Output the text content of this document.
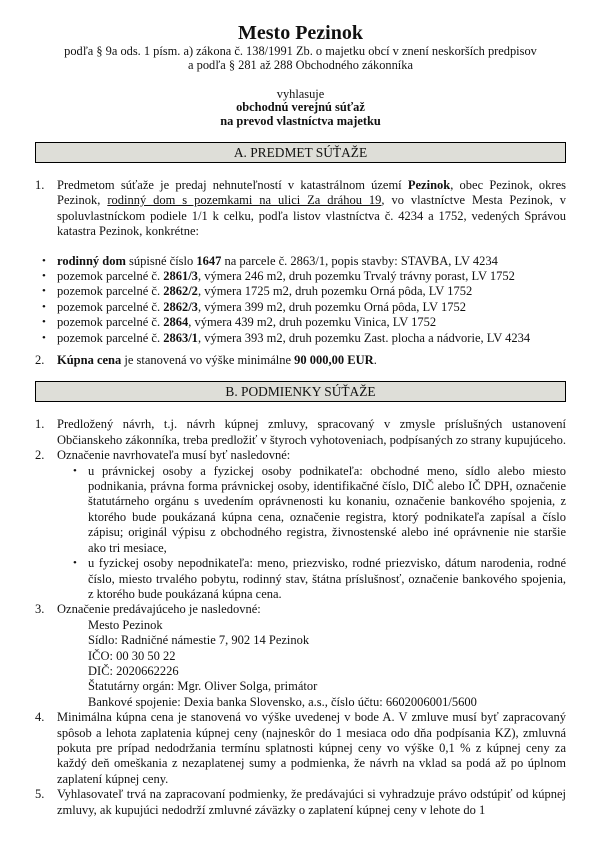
Mesto Pezinok
podľa § 9a ods. 1 písm. a) zákona č. 138/1991 Zb. o majetku obcí v znení neskorších predpisov
a podľa § 281 až 288 Obchodného zákonníka
vyhlasuje
obchodnú verejnú súťaž
na prevod vlastníctva majetku
A. PREDMET SÚŤAŽE
1.	Predmetom súťaže je predaj nehnuteľností v katastrálnom území Pezinok, obec Pezinok, okres Pezinok, rodinný dom s pozemkami na ulici Za dráhou 19, vo vlastníctve Mesta Pezinok, v spoluvlastníckom podiele 1/1 k celku, podľa listov vlastníctva č. 4234 a 1752, vedených Správou katastra Pezinok, konkrétne:
• rodinný dom súpisné číslo 1647 na parcele č. 2863/1, popis stavby: STAVBA, LV 4234
• pozemok parcelné č. 2861/3, výmera 246 m2, druh pozemku Trvalý trávny porast, LV 1752
• pozemok parcelné č. 2862/2, výmera 1725 m2, druh pozemku Orná pôda, LV 1752
• pozemok parcelné č. 2862/3, výmera 399 m2, druh pozemku Orná pôda, LV 1752
• pozemok parcelné č. 2864, výmera 439 m2, druh pozemku Vinica, LV 1752
• pozemok parcelné č. 2863/1, výmera 393 m2, druh pozemku Zast. plocha a nádvorie, LV 4234
2.	Kúpna cena je stanovená vo výške minimálne 90 000,00 EUR.
B. PODMIENKY SÚŤAŽE
1.	Predložený návrh, t.j. návrh kúpnej zmluvy, spracovaný v zmysle príslušných ustanovení Občianskeho zákonníka, treba predložiť v štyroch vyhotoveniach, podpísaných zo strany kupujúceho.
2.	Označenie navrhovateľa musí byť nasledovné:
• u právnickej osoby a fyzickej osoby podnikateľa: obchodné meno, sídlo alebo miesto podnikania, právna forma právnickej osoby, identifikačné číslo, DIČ alebo IČ DPH, označenie štatutárneho orgánu s uvedením oprávnenosti ku konaniu, označenie bankového spojenia, z ktorého bude poukázaná kúpna cena, označenie registra, ktorý podnikateľa zapísal a číslo zápisu; originál výpisu z obchodného registra, živnostenské alebo iné oprávnenie nie staršie ako tri mesiace,
• u fyzickej osoby nepodnikateľa: meno, priezvisko, rodné priezvisko, dátum narodenia, rodné číslo, miesto trvalého pobytu, rodinný stav, štátna príslušnosť, označenie bankového spojenia, z ktorého bude poukázaná kúpna cena.
3.	Označenie predávajúceho je nasledovné:
Mesto Pezinok
Sídlo: Radničné námestie 7, 902 14 Pezinok
IČO: 00 30 50 22
DIČ: 2020662226
Štatutárny orgán: Mgr. Oliver Solga, primátor
Bankové spojenie: Dexia banka Slovensko, a.s., číslo účtu: 6602006001/5600
4.	Minimálna kúpna cena je stanovená vo výške uvedenej v bode A. V zmluve musí byť zapracovaný spôsob a lehota zaplatenia kúpnej ceny (najneskôr do 1 mesiaca odo dňa podpísania KZ), zmluvná pokuta pre prípad nedodržania termínu splatnosti kúpnej ceny vo výške 0,1 % z kúpnej ceny za každý deň omeškania z nezaplatenej sumy a podmienka, že návrh na vklad sa podá až po úplnom zaplatení kúpnej ceny.
5.	Vyhlasovateľ trvá na zapracovaní podmienky, že predávajúci si vyhradzuje právo odstúpiť od kúpnej zmluvy, ak kupujúci nedodrží zmluvné záväzky o zaplatení kúpnej ceny v lehote do 1
